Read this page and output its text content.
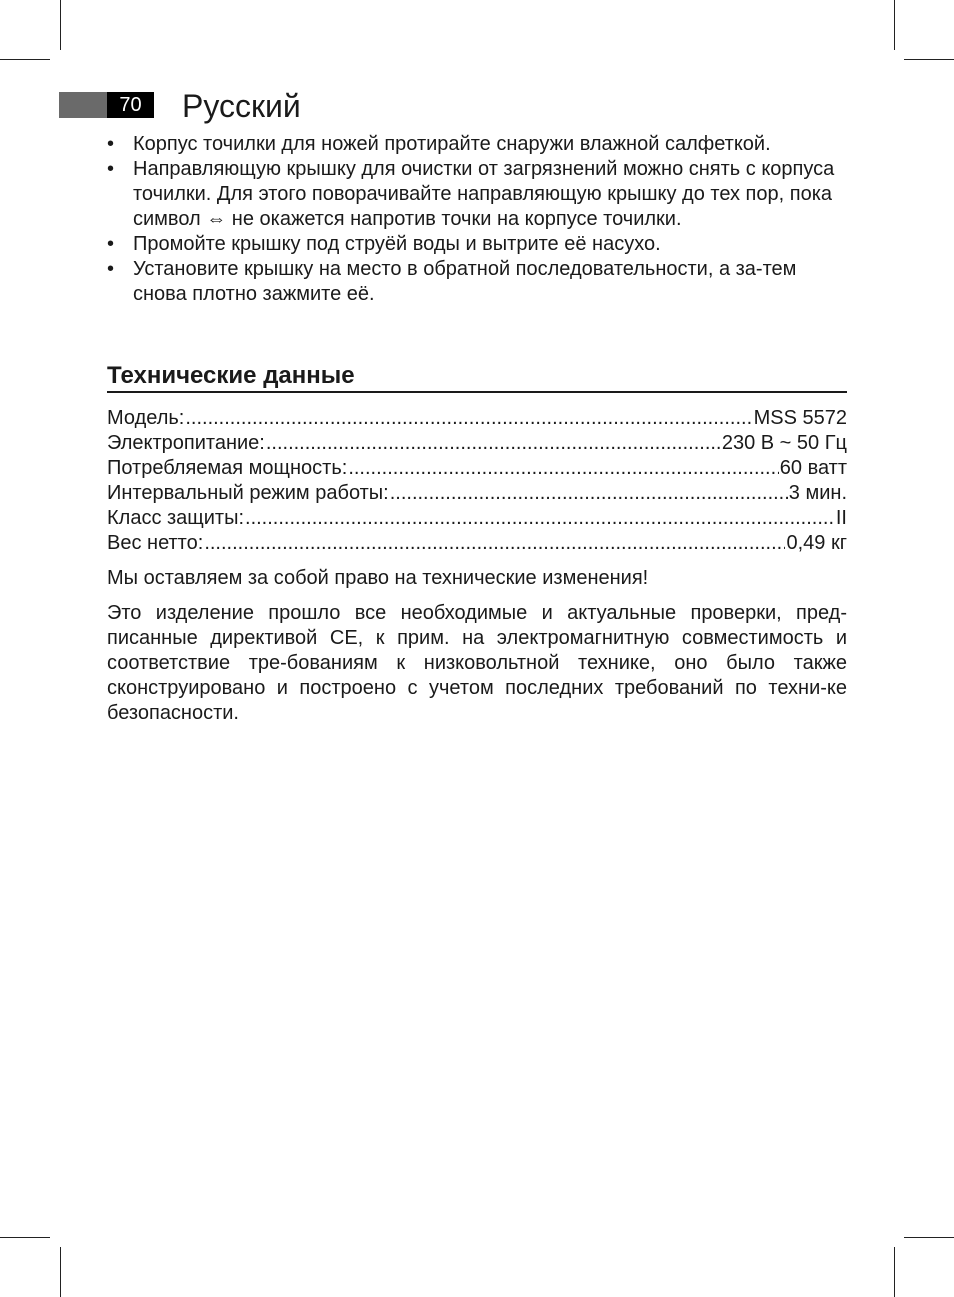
70	Русский
• Корпус точилки для ножей протирайте снаружи влажной салфеткой.
• Направляющую крышку для очистки от загрязнений можно снять с корпуса точилки. Для этого поворачивайте направляющую крышку до тех пор, пока символ ⇔ не окажется напротив точки на корпусе точилки.
• Промойте крышку под струёй воды и вытрите её насухо.
• Установите крышку на место в обратной последовательности, а за-тем снова плотно зажмите её.
Технические данные
Модель: .....	MSS 5572
Электропитание: .....	230 В ~ 50 Гц
Потребляемая мощность: .....	60 ватт
Интервальный режим работы: .....	3 мин.
Класс защиты: .....	II
Вес нетто: .....	0,49 кг

Мы оставляем за собой право на технические изменения!

Это изделение прошло все необходимые и актуальные проверки, пред-писанные директивой CE, к прим. на электромагнитную совместимость и соответствие тре-бованиям к низковольтной технике, оно было также сконструировано и построено с учетом последних требований по техни-ке безопасности.
